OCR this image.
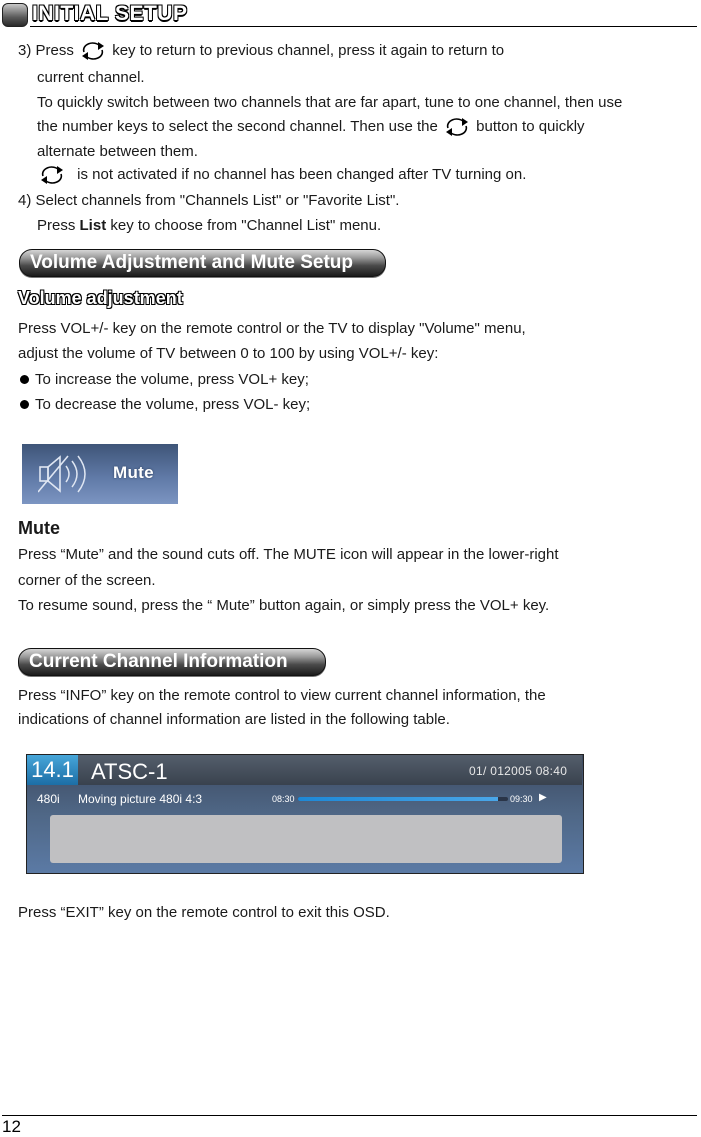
INITIAL SETUP
3) Press	key to return to previous channel, press it again to return to
current channel.
To quickly switch between two channels that are far apart, tune to one channel, then use
the number keys to select the second channel. Then use the	button to quickly
alternate between them.
is not activated if no channel has been changed after TV turning on.
4) Select channels from "Channels List" or "Favorite List".
Press List key to choose from "Channel List" menu.
Volume Adjustment and Mute Setup
Volume adjustment
Press VOL+/- key on the remote control or the TV to display "Volume" menu,
adjust the volume of TV between 0 to 100 by using VOL+/- key:
To increase the volume, press VOL+ key;
To decrease the volume, press VOL- key;
Mute
Mute
Press “Mute” and the sound cuts off. The MUTE icon will appear in the lower-right
corner of the screen.
To resume sound, press the “ Mute” button again, or simply press the VOL+ key.
Current Channel Information
Press “INFO” key on the remote control to view current channel information, the
indications of channel information are listed in the following table.
14.1 ATSC-1	01/ 012005 08:40
480i Moving picture 480i 4:3	08:30	09:30 ▶
Press “EXIT” key on the remote control to exit this OSD.
12
